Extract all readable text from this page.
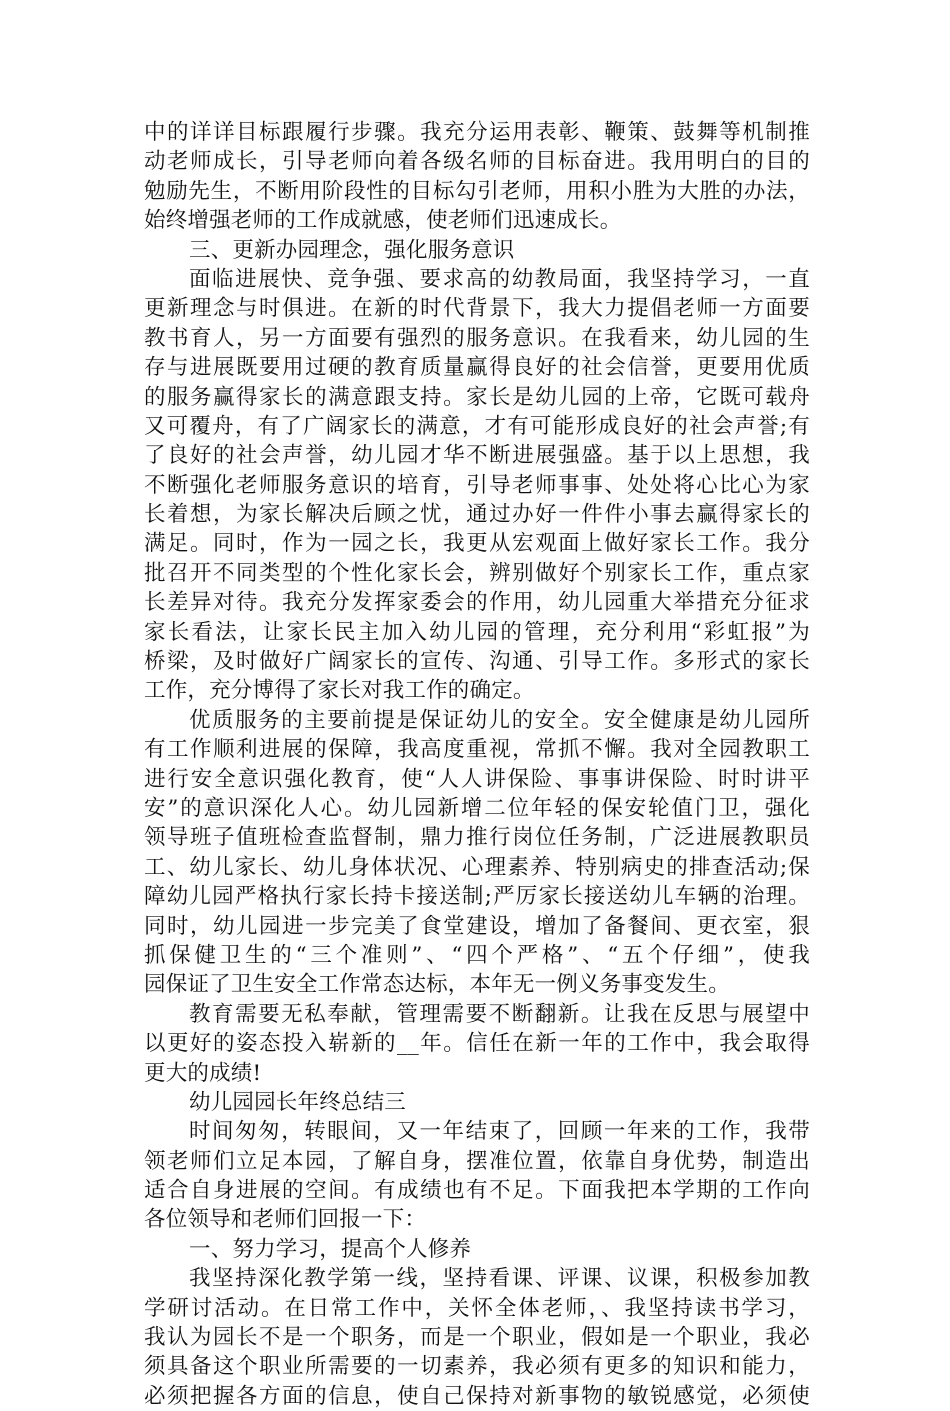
中的详详目标跟履行步骤。我充分运用表彰、鞭策、鼓舞等机制推
动老师成长，引导老师向着各级名师的目标奋进。我用明白的目的
勉励先生，不断用阶段性的目标勾引老师，用积小胜为大胜的办法，
始终增强老师的工作成就感，使老师们迅速成长。
三、更新办园理念，强化服务意识
面临进展快、竞争强、要求高的幼教局面，我坚持学习，一直
更新理念与时俱进。在新的时代背景下，我大力提倡老师一方面要
教书育人，另一方面要有强烈的服务意识。在我看来，幼儿园的生
存与进展既要用过硬的教育质量赢得良好的社会信誉，更要用优质
的服务赢得家长的满意跟支持。家长是幼儿园的上帝，它既可载舟
又可覆舟，有了广阔家长的满意，才有可能形成良好的社会声誉;有
了良好的社会声誉，幼儿园才华不断进展强盛。基于以上思想，我
不断强化老师服务意识的培育，引导老师事事、处处将心比心为家
长着想，为家长解决后顾之忧，通过办好一件件小事去赢得家长的
满足。同时，作为一园之长，我更从宏观面上做好家长工作。我分
批召开不同类型的个性化家长会，辨别做好个别家长工作，重点家
长差异对待。我充分发挥家委会的作用，幼儿园重大举措充分征求
家长看法，让家长民主加入幼儿园的管理，充分利用“彩虹报”为
桥梁，及时做好广阔家长的宣传、沟通、引导工作。多形式的家长
工作，充分博得了家长对我工作的确定。
优质服务的主要前提是保证幼儿的安全。安全健康是幼儿园所
有工作顺利进展的保障，我高度重视，常抓不懈。我对全园教职工
进行安全意识强化教育，使“人人讲保险、事事讲保险、时时讲平
安”的意识深化人心。幼儿园新增二位年轻的保安轮值门卫，强化
领导班子值班检查监督制，鼎力推行岗位任务制，广泛进展教职员
工、幼儿家长、幼儿身体状况、心理素养、特别病史的排查活动;保
障幼儿园严格执行家长持卡接送制;严厉家长接送幼儿车辆的治理。
同时，幼儿园进一步完美了食堂建设，增加了备餐间、更衣室，狠
抓保健卫生的“三个准则”、“四个严格”、“五个仔细”，使我
园保证了卫生安全工作常态达标，本年无一例义务事变发生。
教育需要无私奉献，管理需要不断翻新。让我在反思与展望中
以更好的姿态投入崭新的__年。信任在新一年的工作中，我会取得
更大的成绩!
幼儿园园长年终总结三
时间匆匆，转眼间，又一年结束了，回顾一年来的工作，我带
领老师们立足本园，了解自身，摆准位置，依靠自身优势，制造出
适合自身进展的空间。有成绩也有不足。下面我把本学期的工作向
各位领导和老师们回报一下：
一、努力学习，提高个人修养
我坚持深化教学第一线，坚持看课、评课、议课，积极参加教
学研讨活动。在日常工作中，关怀全体老师，、我坚持读书学习，
我认为园长不是一个职务，而是一个职业，假如是一个职业，我必
须具备这个职业所需要的一切素养，我必须有更多的知识和能力，
必须把握各方面的信息，使自己保持对新事物的敏锐感觉，必须使
